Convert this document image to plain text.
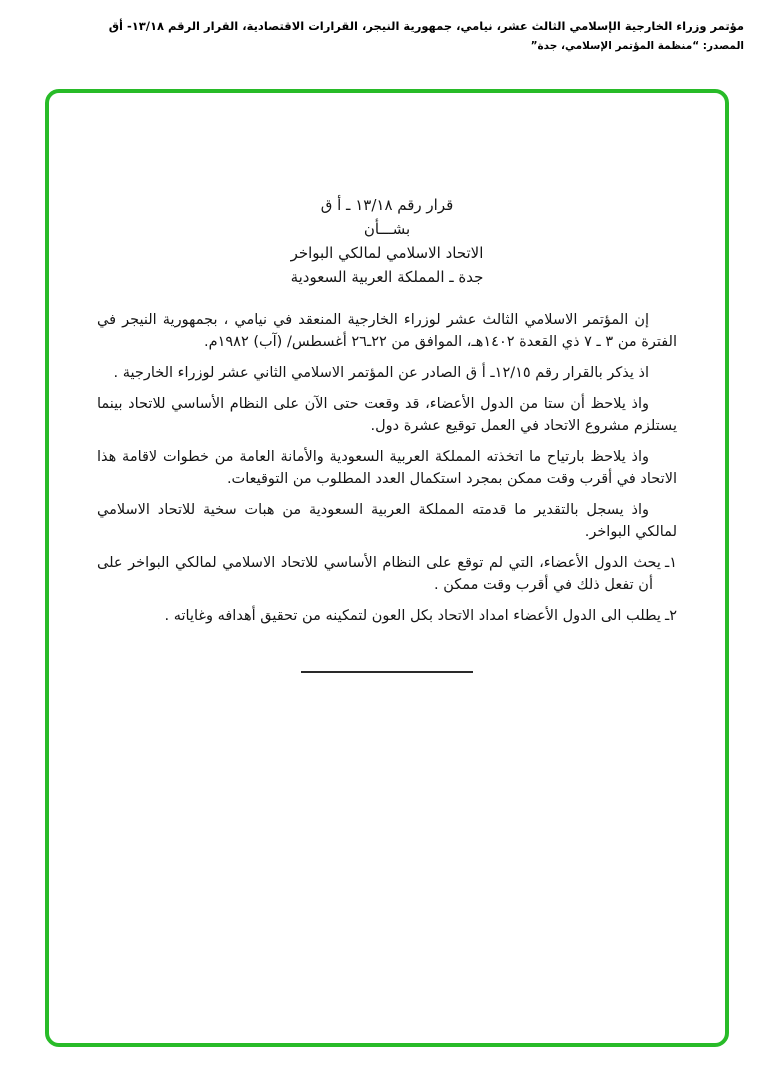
مؤتمر وزراء الخارجية الإسلامي الثالث عشر، نيامي، جمهورية النيجر، القرارات الاقتصادية، القرار الرقم ١٣/١٨- أق
المصدر: “منظمة المؤتمر الإسلامي، جدة”
قرار رقم ١٣/١٨ ـ أ ق
بشـــأن
الاتحاد الاسلامي لمالكي البواخر
جدة ـ المملكة العربية السعودية

إن المؤتمر الاسلامي الثالث عشر لوزراء الخارجية المنعقد في نيامي ، بجمهورية النيجر في الفترة من ٣ ـ ٧ ذي القعدة ١٤٠٢هـ، الموافق من ٢٢ـ٢٦ أغسطس/ (آب) ١٩٨٢م.

اذ يذكر بالقرار رقم ١٢/١٥ـ أ ق الصادر عن المؤتمر الاسلامي الثاني عشر لوزراء الخارجية .

واذ يلاحظ أن ستا من الدول الأعضاء، قد وقعت حتى الآن على النظام الأساسي للاتحاد بينما يستلزم مشروع الاتحاد في العمل توقيع عشرة دول.

واذ يلاحظ بارتياح ما اتخذته المملكة العربية السعودية والأمانة العامة من خطوات لاقامة هذا الاتحاد في أقرب وقت ممكن بمجرد استكمال العدد المطلوب من التوقيعات.

واذ يسجل بالتقدير ما قدمته المملكة العربية السعودية من هبات سخية للاتحاد الاسلامي لمالكي البواخر.

١ـيحث الدول الأعضاء، التي لم توقع على النظام الأساسي للاتحاد الاسلامي لمالكي البواخر على أن تفعل ذلك في أقرب وقت ممكن .
٢ـيطلب الى الدول الأعضاء امداد الاتحاد بكل العون لتمكينه من تحقيق أهدافه وغاياته .
